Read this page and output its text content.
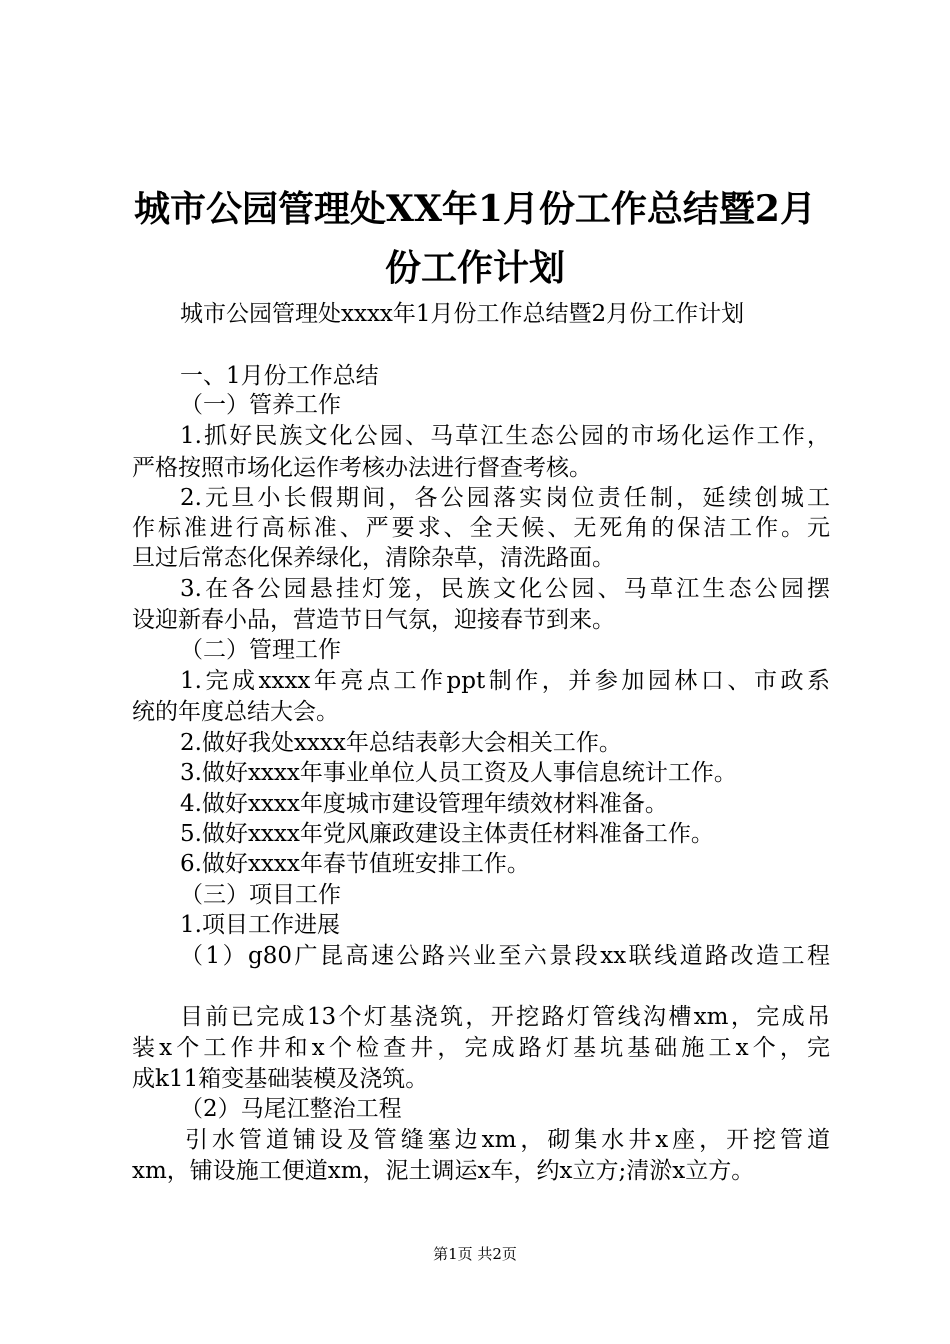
城市公园管理处XX年1月份工作总结暨2月
份工作计划
城市公园管理处xxxx年1月份工作总结暨2月份工作计划
一、1月份工作总结
（一）管养工作
1.抓好民族文化公园、马草江生态公园的市场化运作工作，
严格按照市场化运作考核办法进行督查考核。
2.元旦小长假期间，各公园落实岗位责任制，延续创城工
作标准进行高标准、严要求、全天候、无死角的保洁工作。元
旦过后常态化保养绿化，清除杂草，清洗路面。
3.在各公园悬挂灯笼，民族文化公园、马草江生态公园摆
设迎新春小品，营造节日气氛，迎接春节到来。
（二）管理工作
1.完成xxxx年亮点工作ppt制作，并参加园林口、市政系
统的年度总结大会。
2.做好我处xxxx年总结表彰大会相关工作。
3.做好xxxx年事业单位人员工资及人事信息统计工作。
4.做好xxxx年度城市建设管理年绩效材料准备。
5.做好xxxx年党风廉政建设主体责任材料准备工作。
6.做好xxxx年春节值班安排工作。
（三）项目工作
1.项目工作进展
（1）g80广昆高速公路兴业至六景段xx联线道路改造工程
目前已完成13个灯基浇筑，开挖路灯管线沟槽xm，完成吊
装x个工作井和x个检查井，完成路灯基坑基础施工x个，完
成k11箱变基础装模及浇筑。
（2）马尾江整治工程
引水管道铺设及管缝塞边xm，砌集水井x座，开挖管道
xm，铺设施工便道xm，泥土调运x车，约x立方;清淤x立方。
第1页 共2页
